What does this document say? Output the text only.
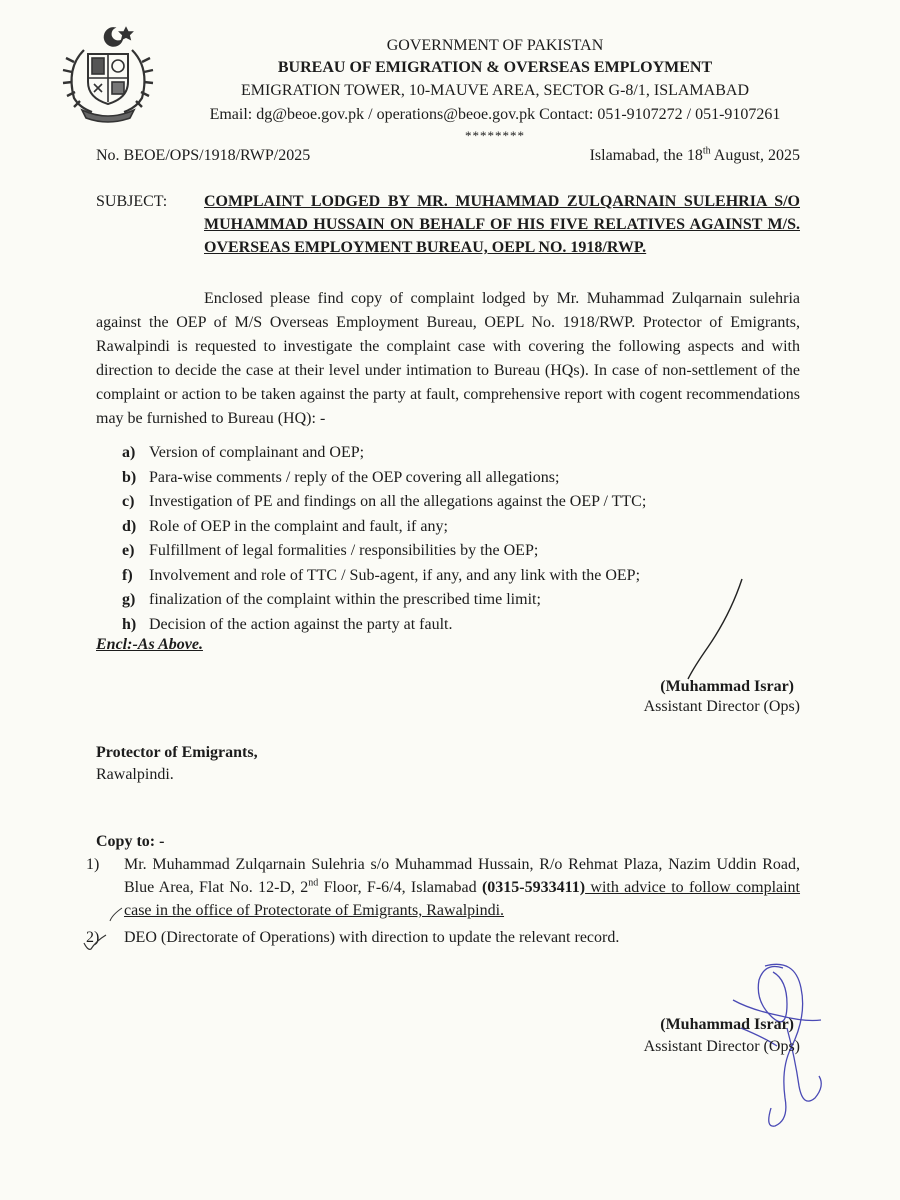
GOVERNMENT OF PAKISTAN
BUREAU OF EMIGRATION & OVERSEAS EMPLOYMENT
EMIGRATION TOWER, 10-MAUVE AREA, SECTOR G-8/1, ISLAMABAD
Email: dg@beoe.gov.pk / operations@beoe.gov.pk Contact: 051-9107272 / 051-9107261
********
No. BEOE/OPS/1918/RWP/2025	Islamabad, the 18th August, 2025
SUBJECT: COMPLAINT LODGED BY MR. MUHAMMAD ZULQARNAIN SULEHRIA S/O MUHAMMAD HUSSAIN ON BEHALF OF HIS FIVE RELATIVES AGAINST M/S. OVERSEAS EMPLOYMENT BUREAU, OEPL NO. 1918/RWP.
Enclosed please find copy of complaint lodged by Mr. Muhammad Zulqarnain sulehria against the OEP of M/S Overseas Employment Bureau, OEPL No. 1918/RWP. Protector of Emigrants, Rawalpindi is requested to investigate the complaint case with covering the following aspects and with direction to decide the case at their level under intimation to Bureau (HQs). In case of non-settlement of the complaint or action to be taken against the party at fault, comprehensive report with cogent recommendations may be furnished to Bureau (HQ): -
a) Version of complainant and OEP;
b) Para-wise comments / reply of the OEP covering all allegations;
c) Investigation of PE and findings on all the allegations against the OEP / TTC;
d) Role of OEP in the complaint and fault, if any;
e) Fulfillment of legal formalities / responsibilities by the OEP;
f) Involvement and role of TTC / Sub-agent, if any, and any link with the OEP;
g) finalization of the complaint within the prescribed time limit;
h) Decision of the action against the party at fault.
Encl:-As Above.
(Muhammad Israr)
Assistant Director (Ops)
Protector of Emigrants,
Rawalpindi.
Copy to: -
1) Mr. Muhammad Zulqarnain Sulehria s/o Muhammad Hussain, R/o Rehmat Plaza, Nazim Uddin Road, Blue Area, Flat No. 12-D, 2nd Floor, F-6/4, Islamabad (0315-5933411) with advice to follow complaint case in the office of Protectorate of Emigrants, Rawalpindi.
2) DEO (Directorate of Operations) with direction to update the relevant record.
(Muhammad Israr)
Assistant Director (Ops)
